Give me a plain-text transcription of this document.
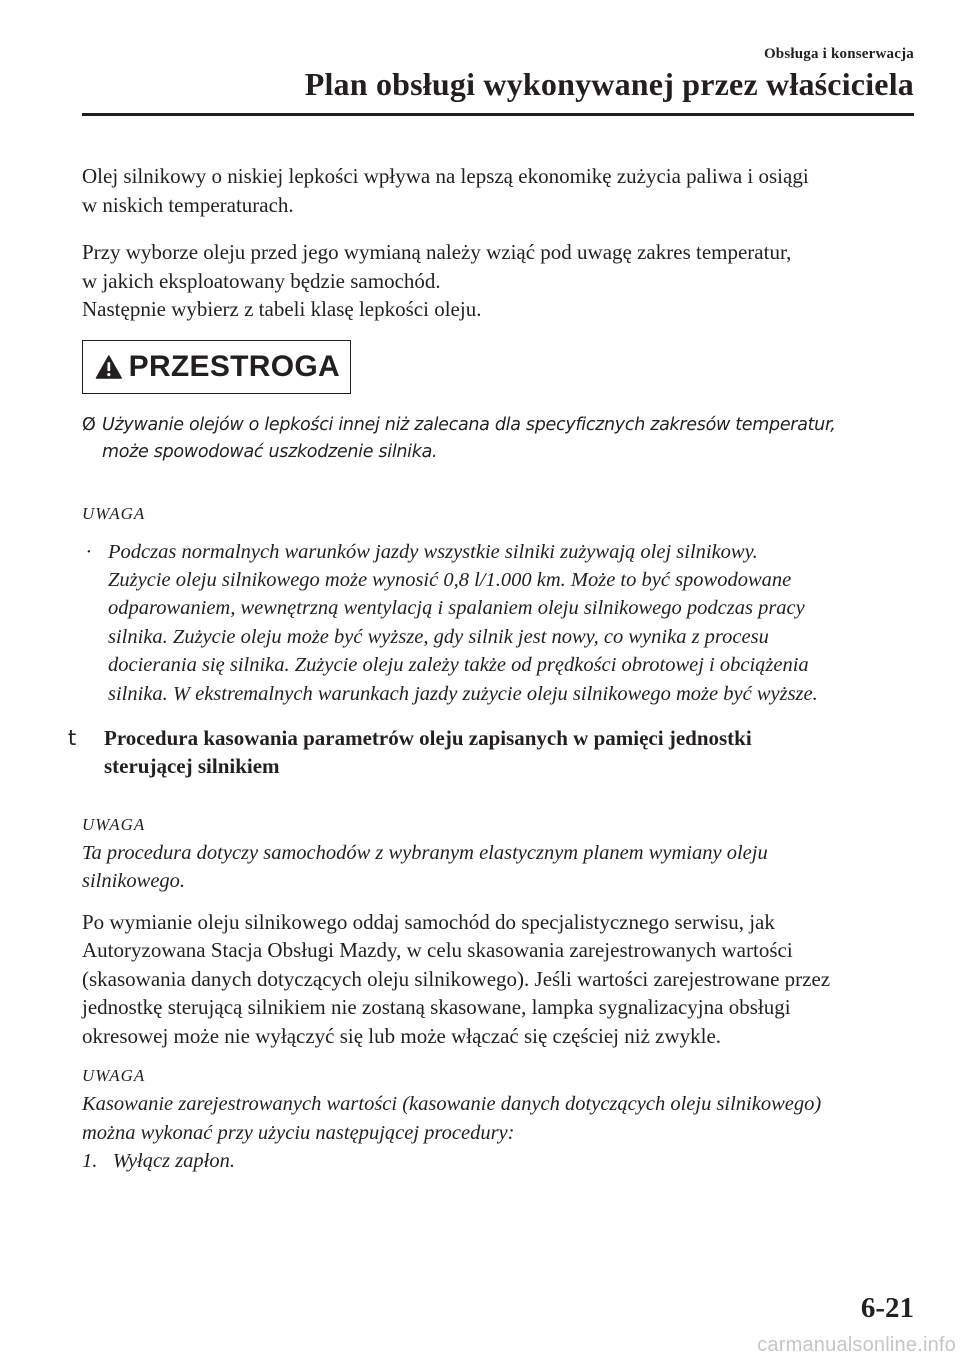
Obsługa i konserwacja
Plan obsługi wykonywanej przez właściciela

Olej silnikowy o niskiej lepkości wpływa na lepszą ekonomikę zużycia paliwa i osiągi

w niskich temperaturach.

Przy wyborze oleju przed jego wymianą należy wziąć pod uwagę zakres temperatur,

w jakich eksploatowany będzie samochód.

Następnie wybierz z tabeli klasę lepkości oleju.

PRZESTROGA
Ø Używanie olejów o lepkości innej niż zalecana dla specyficznych zakresów temperatur,
może spowodować uszkodzenie silnika.

UWAGA

· Podczas normalnych warunków jazdy wszystkie silniki zużywają olej silnikowy.
Zużycie oleju silnikowego może wynosić 0,8 l/1.000 km. Może to być spowodowane
odparowaniem, wewnętrzną wentylacją i spalaniem oleju silnikowego podczas pracy
silnika. Zużycie oleju może być wyższe, gdy silnik jest nowy, co wynika z procesu
docierania się silnika. Zużycie oleju zależy także od prędkości obrotowej i obciążenia
silnika. W ekstremalnych warunkach jazdy zużycie oleju silnikowego może być wyższe.
t	Procedura kasowania parametrów oleju zapisanych w pamięci jednostki
sterującej silnikiem

UWAGA

Ta procedura dotyczy samochodów z wybranym elastycznym planem wymiany oleju

silnikowego.

Po wymianie oleju silnikowego oddaj samochód do specjalistycznego serwisu, jak

Autoryzowana Stacja Obsługi Mazdy, w celu skasowania zarejestrowanych wartości

(skasowania danych dotyczących oleju silnikowego). Jeśli wartości zarejestrowane przez

jednostkę sterującą silnikiem nie zostaną skasowane, lampka sygnalizacyjna obsługi

okresowej może nie wyłączyć się lub może włączać się częściej niż zwykle.

UWAGA

Kasowanie zarejestrowanych wartości (kasowanie danych dotyczących oleju silnikowego)

można wykonać przy użyciu następującej procedury:

1.   Wyłącz zapłon.

6-21
carmanualsonline.info
